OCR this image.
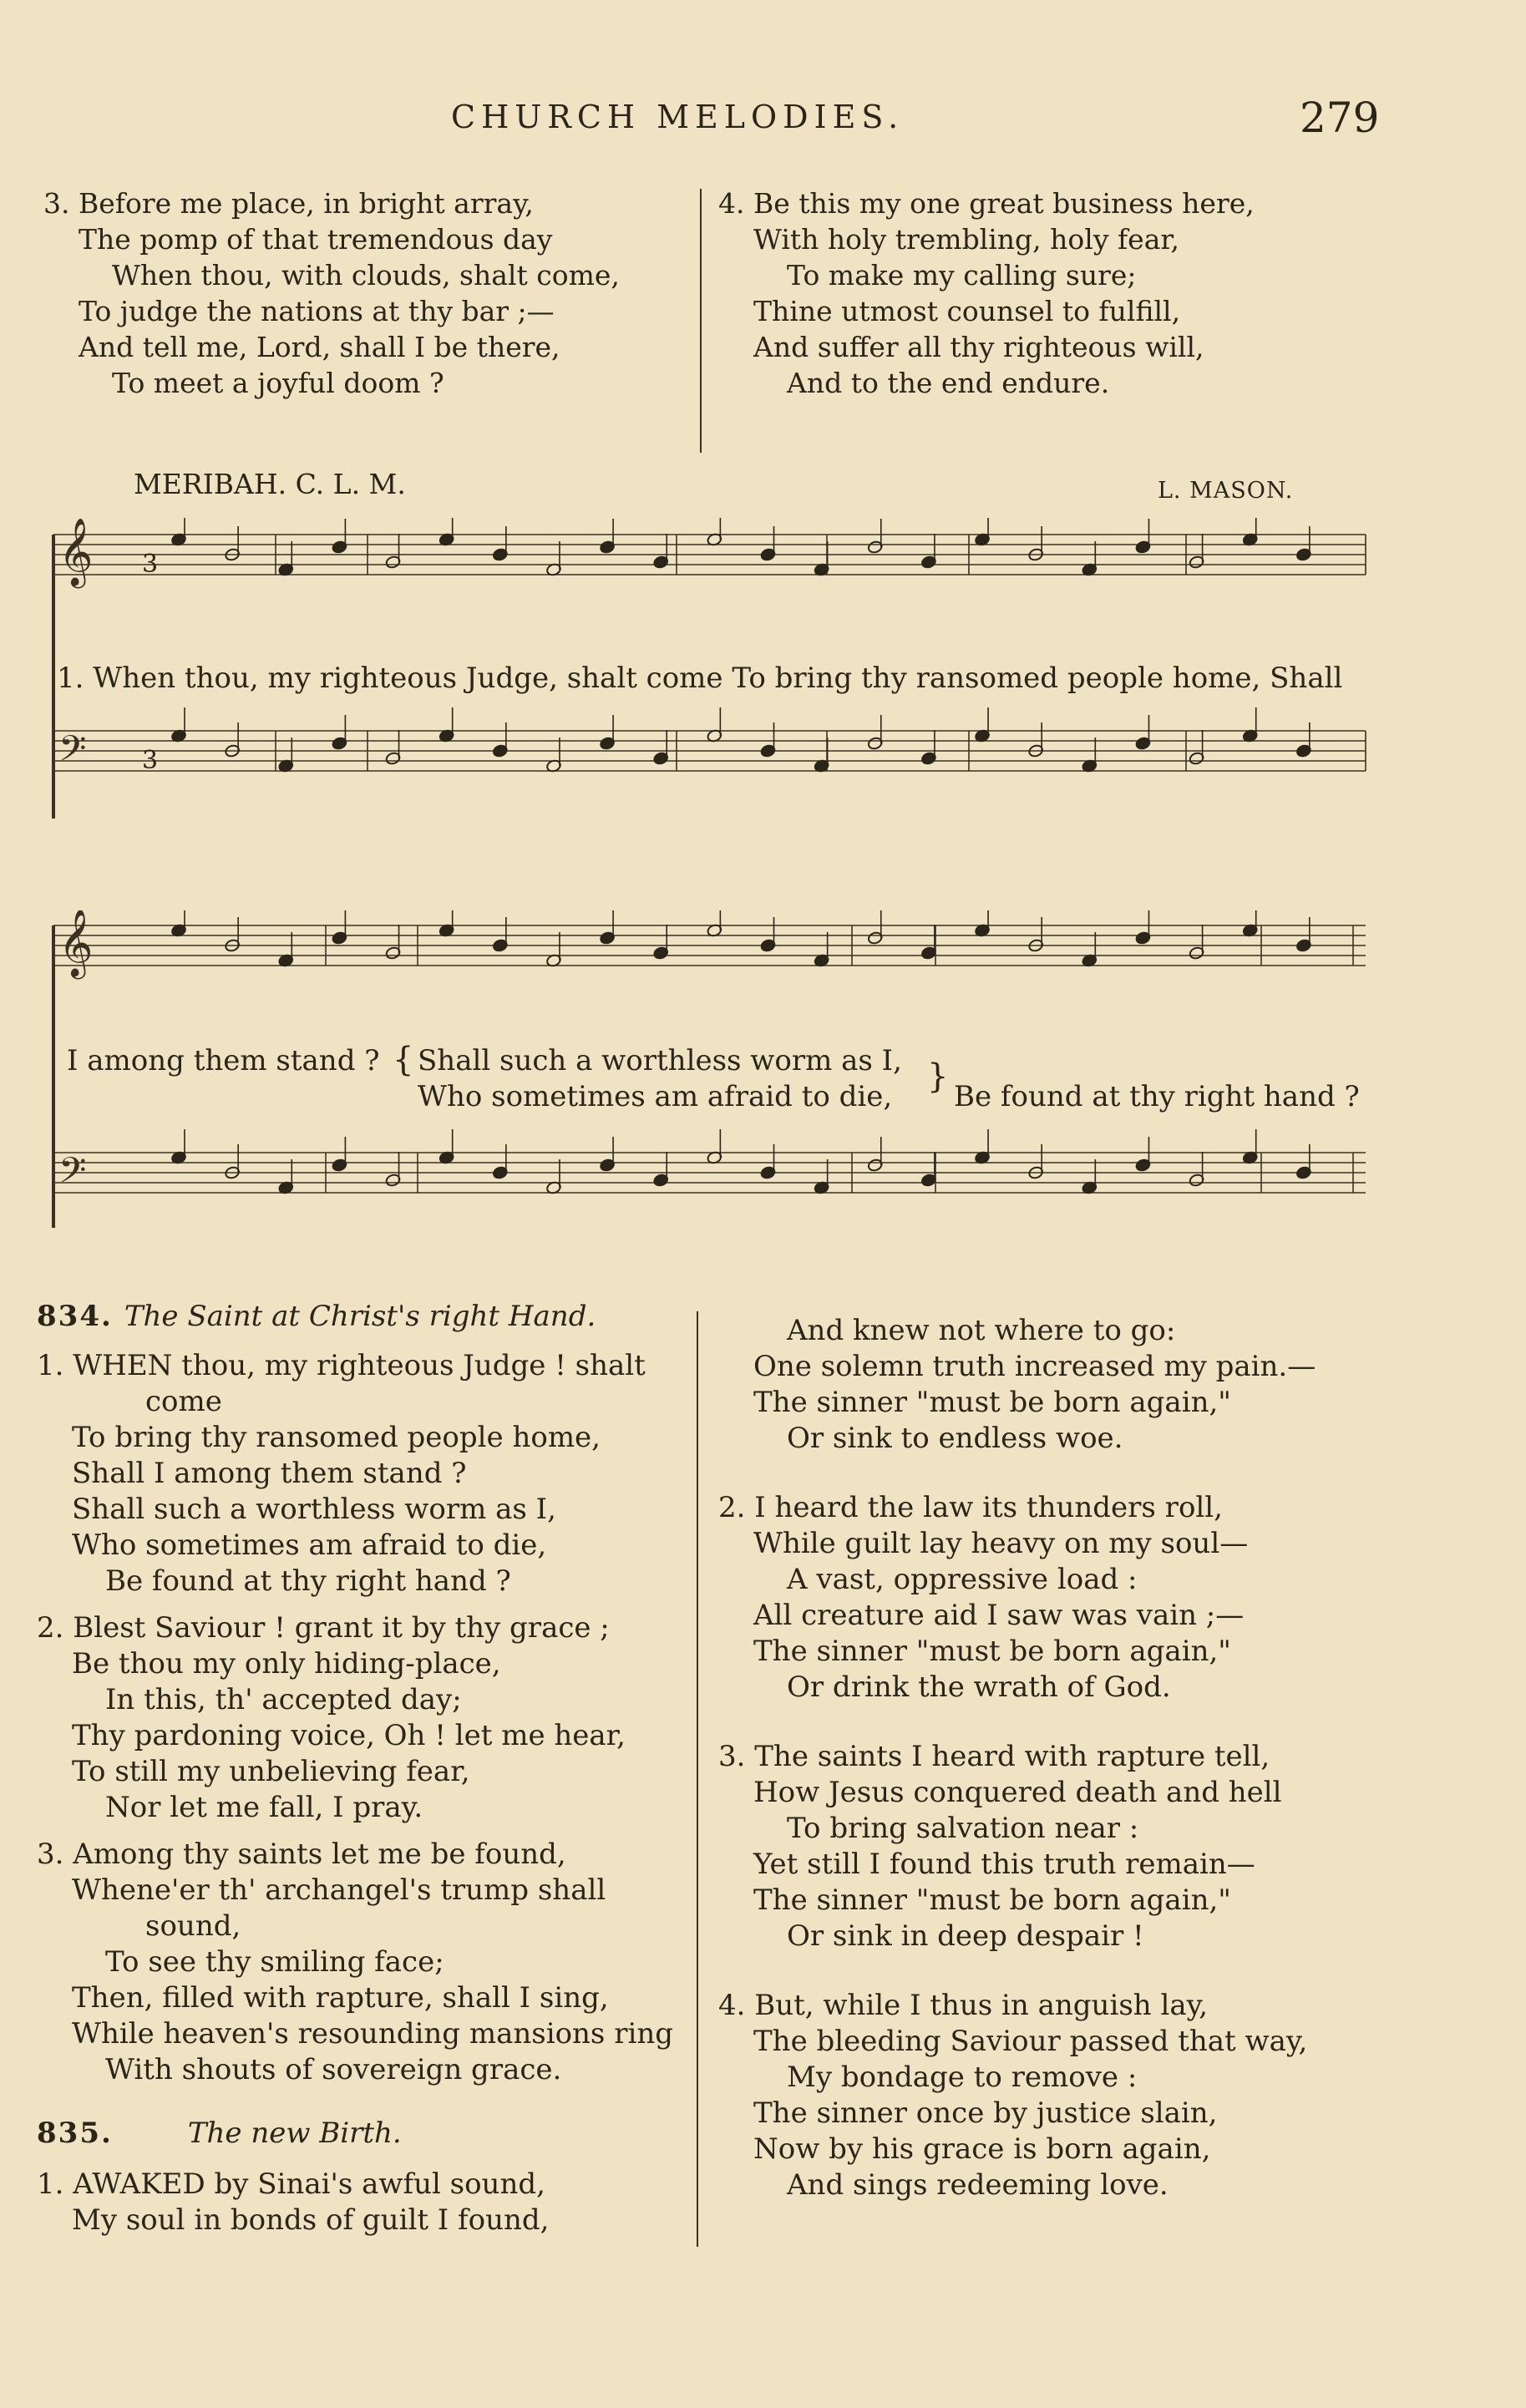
CHURCH MELODIES.	279
3. Before me place, in bright array,
The pomp of that tremendous day
When thou, with clouds, shalt come,
To judge the nations at thy bar ;—
And tell me, Lord, shall I be there,
To meet a joyful doom ?
4. Be this my one great business here,
With holy trembling, holy fear,
To make my calling sure;
Thine utmost counsel to fulfill,
And suffer all thy righteous will,
And to the end endure.
MERIBAH. C. L. M.	L. MASON.
𝄞
𝄢
3
3
1. When thou, my righteous Judge, shalt come To bring thy ransomed people home, Shall
𝄞
𝄢
I among them stand ? { Shall such a worthless worm as I,
Who sometimes am afraid to die,
}
Be found at thy right hand ?
834. The Saint at Christ's right Hand.
1. WHEN thou, my righteous Judge ! shalt
come
To bring thy ransomed people home,
Shall I among them stand ?
Shall such a worthless worm as I,
Who sometimes am afraid to die,
Be found at thy right hand ?
2. Blest Saviour ! grant it by thy grace ;
Be thou my only hiding-place,
In this, th' accepted day;
Thy pardoning voice, Oh ! let me hear,
To still my unbelieving fear,
Nor let me fall, I pray.
3. Among thy saints let me be found,
Whene'er th' archangel's trump shall
sound,
To see thy smiling face;
Then, filled with rapture, shall I sing,
While heaven's resounding mansions ring
With shouts of sovereign grace.
835.	The new Birth.
1. AWAKED by Sinai's awful sound,
My soul in bonds of guilt I found,
And knew not where to go:
One solemn truth increased my pain.—
The sinner "must be born again,"
Or sink to endless woe.
2. I heard the law its thunders roll,
While guilt lay heavy on my soul—
A vast, oppressive load :
All creature aid I saw was vain ;—
The sinner "must be born again,"
Or drink the wrath of God.
3. The saints I heard with rapture tell,
How Jesus conquered death and hell
To bring salvation near :
Yet still I found this truth remain—
The sinner "must be born again,"
Or sink in deep despair !
4. But, while I thus in anguish lay,
The bleeding Saviour passed that way,
My bondage to remove :
The sinner once by justice slain,
Now by his grace is born again,
And sings redeeming love.
